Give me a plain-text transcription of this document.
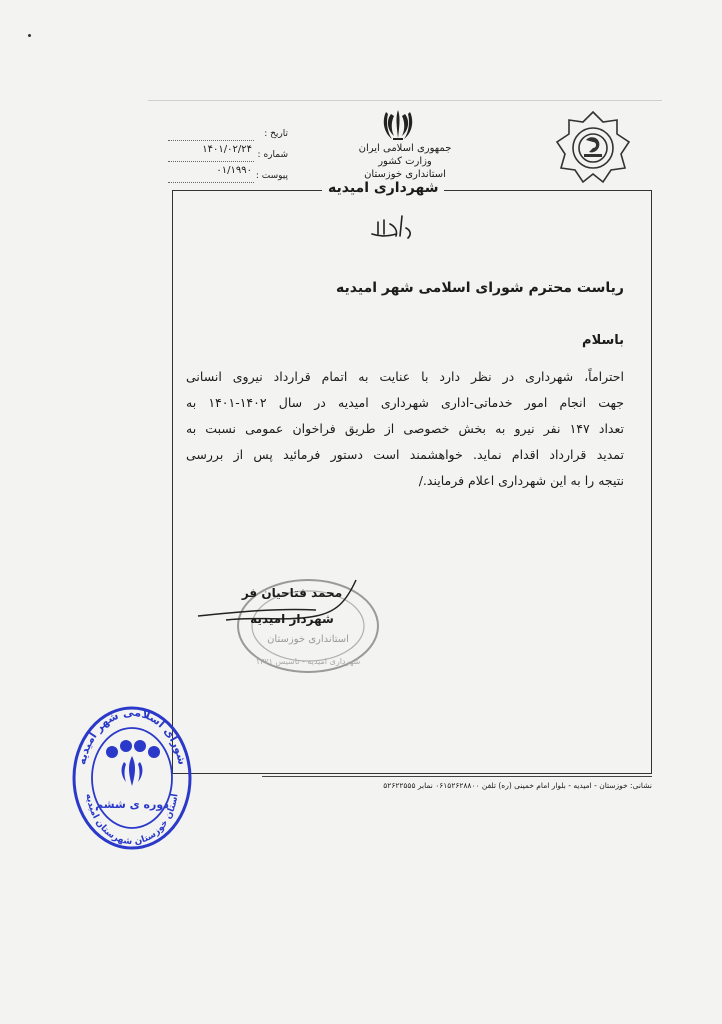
تاریخ :
شماره :
۱۴۰۱/۰۲/۲۴
پیوست :
۰۱/۱۹۹۰
جمهوری اسلامی ایران
وزارت کشور
استانداری خوزستان
شهرداری امیدیه
ریاست محترم شورای اسلامی شهر امیدیه
باسلام
احتراماً، شهرداری در نظر دارد با عنایت به اتمام قرارداد نیروی انسانی
جهت انجام امور خدماتی-اداری شهرداری امیدیه در سال ۱۴۰۲-۱۴۰۱ به
تعداد ۱۴۷ نفر نیرو به بخش خصوصی از طریق فراخوان عمومی نسبت به
تمدید قرارداد اقدام نماید. خواهشمند است دستور فرمائید پس از بررسی
نتیجه را به این شهرداری اعلام فرمایند./
استانداری خوزستان
شهرداری امیدیه - تاسیس ۱۳۷۱
محمد فتاحیان فر
شهردار امیدیه
نشانی: خوزستان - امیدیه - بلوار امام خمینی (ره) تلفن ۰۶۱۵۲۶۲۸۸۰۰ نمابر ۵۲۶۲۲۵۵۵
شورای اسلامی شهر امیدیه
استان خوزستان شهرستان امیدیه
دوره ی ششم
